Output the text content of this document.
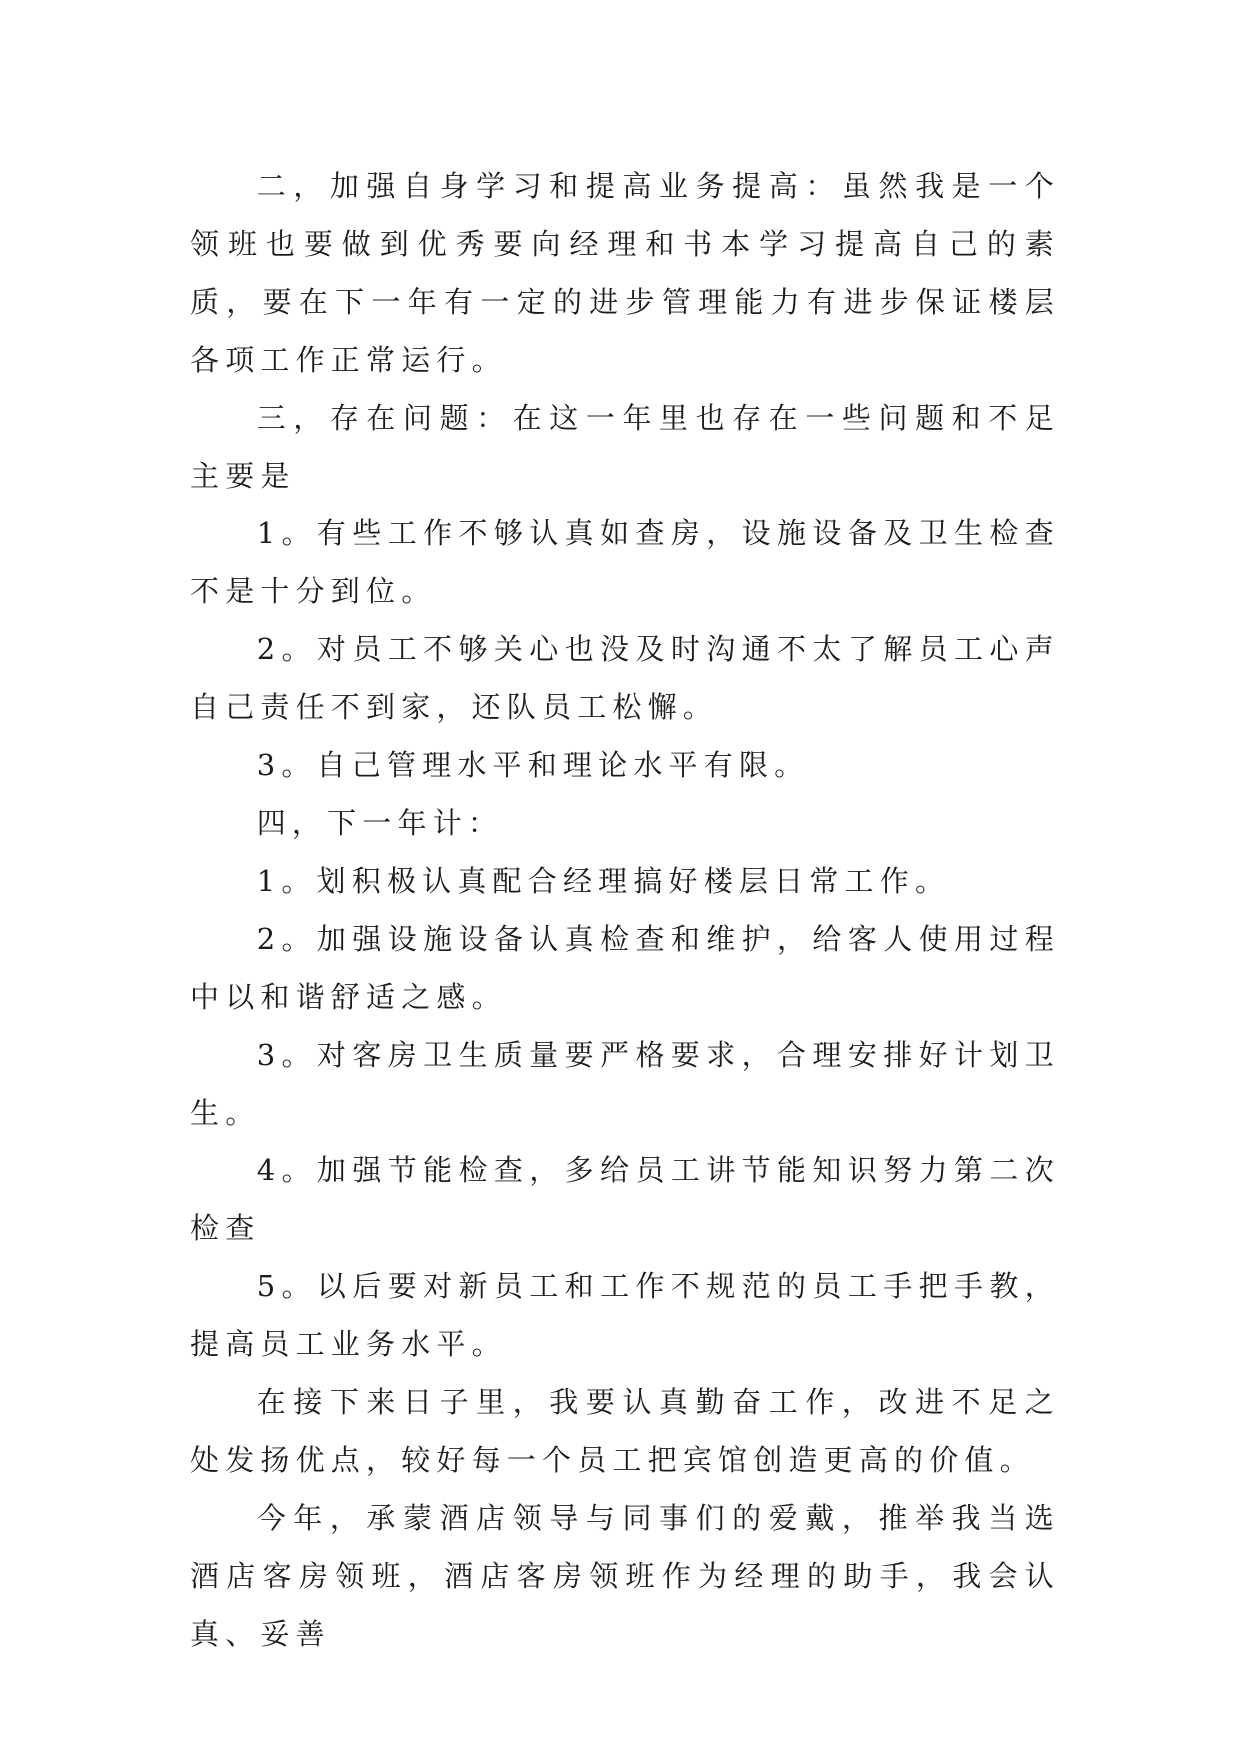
二，加强自身学习和提高业务提高：虽然我是一个领班也要做到优秀要向经理和书本学习提高自己的素质，要在下一年有一定的进步管理能力有进步保证楼层各项工作正常运行。

三，存在问题：在这一年里也存在一些问题和不足主要是

1。有些工作不够认真如查房，设施设备及卫生检查不是十分到位。

2。对员工不够关心也没及时沟通不太了解员工心声自己责任不到家，还队员工松懈。

3。自己管理水平和理论水平有限。

四，下一年计：

1。划积极认真配合经理搞好楼层日常工作。

2。加强设施设备认真检查和维护，给客人使用过程中以和谐舒适之感。

3。对客房卫生质量要严格要求，合理安排好计划卫生。

4。加强节能检查，多给员工讲节能知识努力第二次检查

5。以后要对新员工和工作不规范的员工手把手教，提高员工业务水平。

在接下来日子里，我要认真勤奋工作，改进不足之处发扬优点，较好每一个员工把宾馆创造更高的价值。

今年，承蒙酒店领导与同事们的爱戴，推举我当选酒店客房领班，酒店客房领班作为经理的助手，我会认真、妥善
